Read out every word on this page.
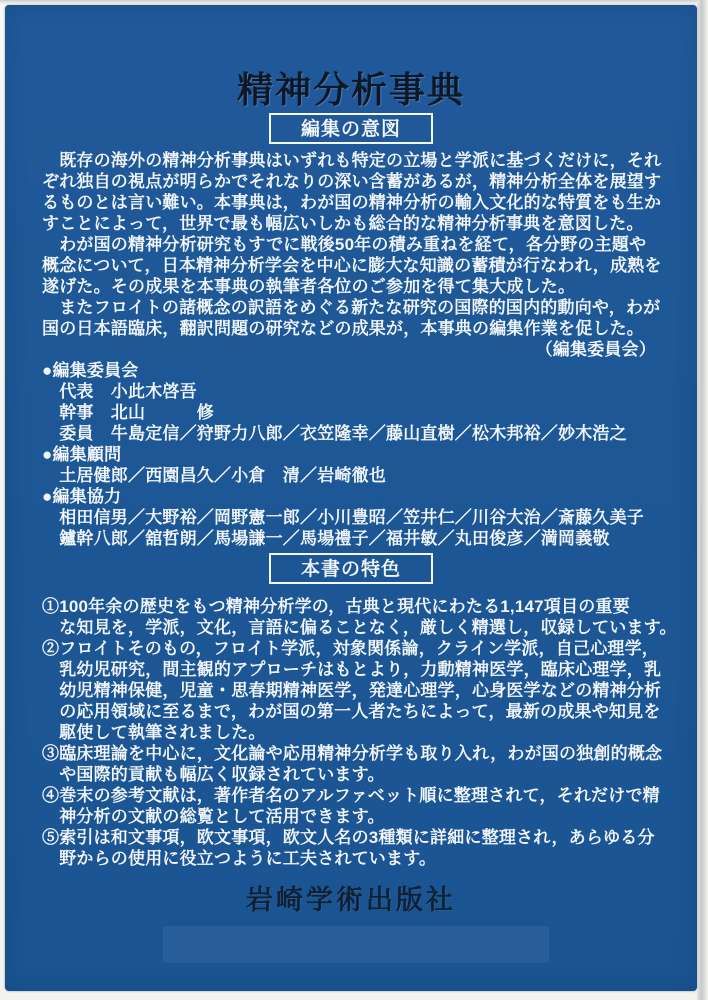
精神分析事典
編集の意図
　既存の海外の精神分析事典はいずれも特定の立場と学派に基づくだけに，それ
ぞれ独自の視点が明らかでそれなりの深い含蓄があるが，精神分析全体を展望す
るものとは言い難い。本事典は，わが国の精神分析の輸入文化的な特質をも生か
すことによって，世界で最も幅広いしかも総合的な精神分析事典を意図した。
　わが国の精神分析研究もすでに戦後50年の積み重ねを経て，各分野の主題や
概念について，日本精神分析学会を中心に膨大な知識の蓄積が行なわれ，成熟を
遂げた。その成果を本事典の執筆者各位のご参加を得て集大成した。
　またフロイトの諸概念の訳語をめぐる新たな研究の国際的国内的動向や，わが
国の日本語臨床，翻訳問題の研究などの成果が，本事典の編集作業を促した。
（編集委員会）
●編集委員会
　代表　小此木啓吾
　幹事　北山　　　修
　委員　牛島定信／狩野力八郎／衣笠隆幸／藤山直樹／松木邦裕／妙木浩之
●編集顧問
　土居健郎／西園昌久／小倉　清／岩崎徹也
●編集協力
　相田信男／大野裕／岡野憲一郎／小川豊昭／笠井仁／川谷大治／斎藤久美子
　鑪幹八郎／舘哲朗／馬場謙一／馬場禮子／福井敏／丸田俊彦／満岡義敬
本書の特色
①100年余の歴史をもつ精神分析学の，古典と現代にわたる1,147項目の重要
　な知見を，学派，文化，言語に偏ることなく，厳しく精選し，収録しています。
②フロイトそのもの，フロイト学派，対象関係論，クライン学派，自己心理学，
　乳幼児研究，間主観的アプローチはもとより，力動精神医学，臨床心理学，乳
　幼児精神保健，児童・思春期精神医学，発達心理学，心身医学などの精神分析
　の応用領域に至るまで，わが国の第一人者たちによって，最新の成果や知見を
　駆使して執筆されました。
③臨床理論を中心に，文化論や応用精神分析学も取り入れ，わが国の独創的概念
　や国際的貢献も幅広く収録されています。
④巻末の参考文献は，著作者名のアルファベット順に整理されて，それだけで精
　神分析の文献の総覧として活用できます。
⑤索引は和文事項，欧文事項，欧文人名の3種類に詳細に整理され，あらゆる分
　野からの使用に役立つように工夫されています。
岩崎学術出版社
